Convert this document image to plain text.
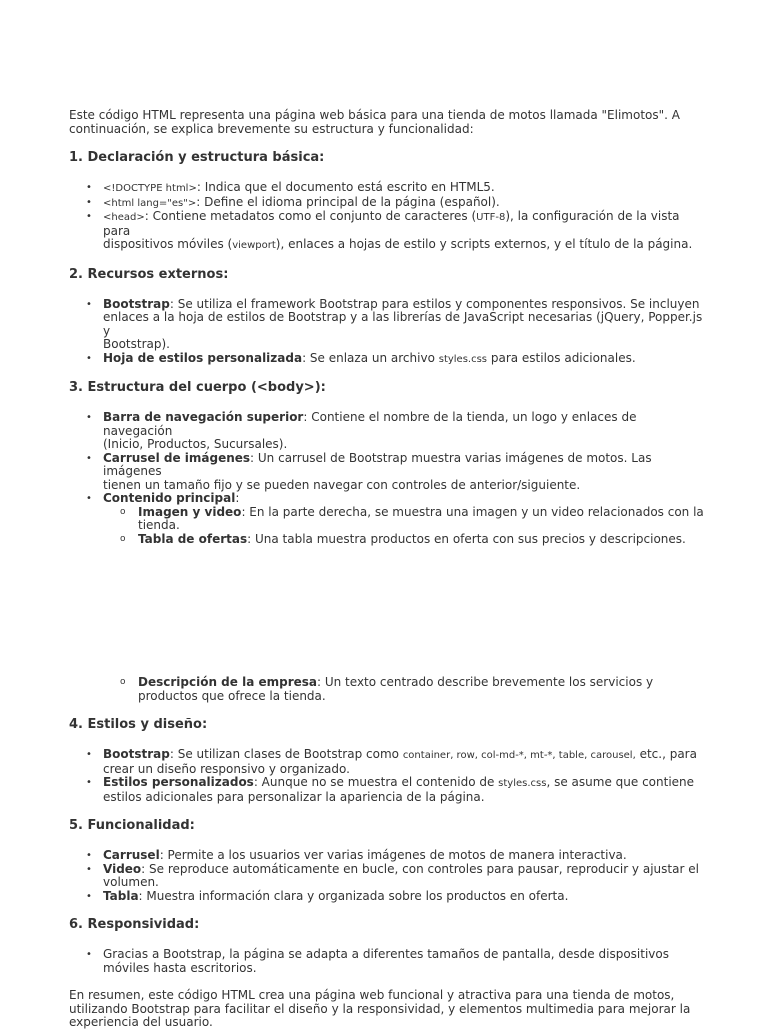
Este código HTML representa una página web básica para una tienda de motos llamada "Elimotos". A
continuación, se explica brevemente su estructura y funcionalidad:

1. Declaración y estructura básica:
• <!DOCTYPE html>: Indica que el documento está escrito en HTML5.
• <html lang="es">: Define el idioma principal de la página (español).
• <head>: Contiene metadatos como el conjunto de caracteres (UTF-8), la configuración de la vista para
dispositivos móviles (viewport), enlaces a hojas de estilo y scripts externos, y el título de la página.
2. Recursos externos:
• Bootstrap: Se utiliza el framework Bootstrap para estilos y componentes responsivos. Se incluyen
enlaces a la hoja de estilos de Bootstrap y a las librerías de JavaScript necesarias (jQuery, Popper.js y
Bootstrap).
• Hoja de estilos personalizada: Se enlaza un archivo styles.css para estilos adicionales.
3. Estructura del cuerpo (<body>):
• Barra de navegación superior: Contiene el nombre de la tienda, un logo y enlaces de navegación
(Inicio, Productos, Sucursales).
• Carrusel de imágenes: Un carrusel de Bootstrap muestra varias imágenes de motos. Las imágenes
tienen un tamaño fijo y se pueden navegar con controles de anterior/siguiente.
• Contenido principal:
o Imagen y video: En la parte derecha, se muestra una imagen y un video relacionados con la
tienda.
o Tabla de ofertas: Una tabla muestra productos en oferta con sus precios y descripciones.
o Descripción de la empresa: Un texto centrado describe brevemente los servicios y
productos que ofrece la tienda.
4. Estilos y diseño:
• Bootstrap: Se utilizan clases de Bootstrap como container, row, col-md-*, mt-*, table, carousel, etc., para
crear un diseño responsivo y organizado.
• Estilos personalizados: Aunque no se muestra el contenido de styles.css, se asume que contiene
estilos adicionales para personalizar la apariencia de la página.
5. Funcionalidad:
• Carrusel: Permite a los usuarios ver varias imágenes de motos de manera interactiva.
• Video: Se reproduce automáticamente en bucle, con controles para pausar, reproducir y ajustar el
volumen.
• Tabla: Muestra información clara y organizada sobre los productos en oferta.
6. Responsividad:
• Gracias a Bootstrap, la página se adapta a diferentes tamaños de pantalla, desde dispositivos
móviles hasta escritorios.

En resumen, este código HTML crea una página web funcional y atractiva para una tienda de motos,
utilizando Bootstrap para facilitar el diseño y la responsividad, y elementos multimedia para mejorar la
experiencia del usuario.
